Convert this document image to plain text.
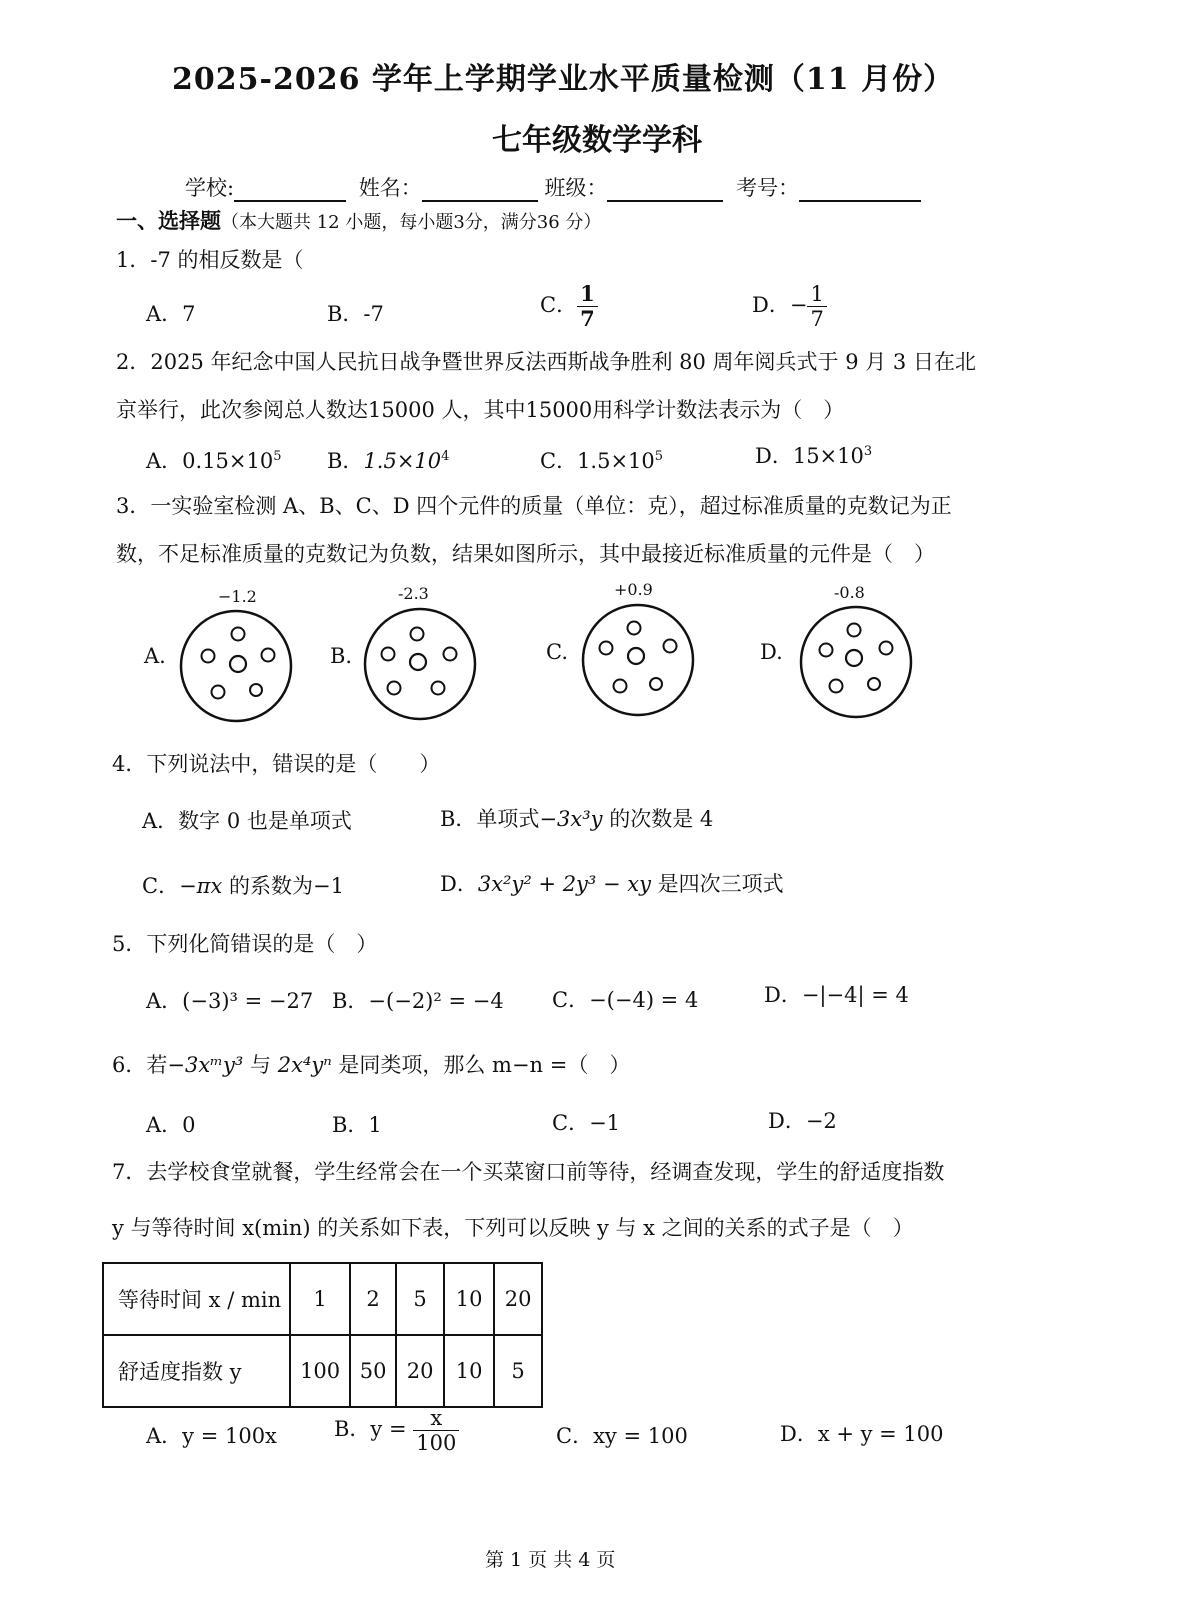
2025-2026 学年上学期学业水平质量检测（11 月份）
七年级数学学科
学校:	姓名：	班级：	考号：
一、选择题（本大题共 12 小题，每小题3分，满分36 分）
1．-7 的相反数是（
A．7	B．-7	C． $\frac{1}{7}$	D．− $\frac{1}{7}$
2．2025 年纪念中国人民抗日战争暨世界反法西斯战争胜利 80 周年阅兵式于 9 月 3 日在北
京举行，此次参阅总人数达15000 人，其中15000用科学计数法表示为（　）
A．$0.15\times 10^5$ B．$1.5\times 10^4$	C．$1.5\times 10^5$	D．$15\times 10^3$
3．一实验室检测 A、B、C、D 四个元件的质量（单位：克），超过标准质量的克数记为正
数，不足标准质量的克数记为负数，结果如图所示，其中最接近标准质量的元件是（　）
A.
−1.2
B.
-2.3
C.
+0.9
D.
-0.8
4．下列说法中，错误的是（　　）
A．数字 0 也是单项式	B．单项式−3x³y 的次数是 4
C．−πx 的系数为−1	D．3x²y² + 2y³ − xy 是四次三项式
5．下列化简错误的是（　）
A．(−3)³ = −27 B．−(−2)² = −4 C．−(−4) = 4	D．−|−4| = 4
6．若−3xᵐy³ 与 2x⁴yⁿ 是同类项，那么 m−n =（　）
A．0	B．1	C．−1	D．−2
7．去学校食堂就餐，学生经常会在一个买菜窗口前等待，经调查发现，学生的舒适度指数
y 与等待时间 x(min) 的关系如下表，下列可以反映 y 与 x 之间的关系的式子是（　）
等待时间 x / min	1	2	5	10	20
舒适度指数 y	100	50	20	10	5
A．y = 100x	B．$y = \frac{x}{100}$	C．xy = 100	D．x + y = 100
第 1 页 共 4 页
